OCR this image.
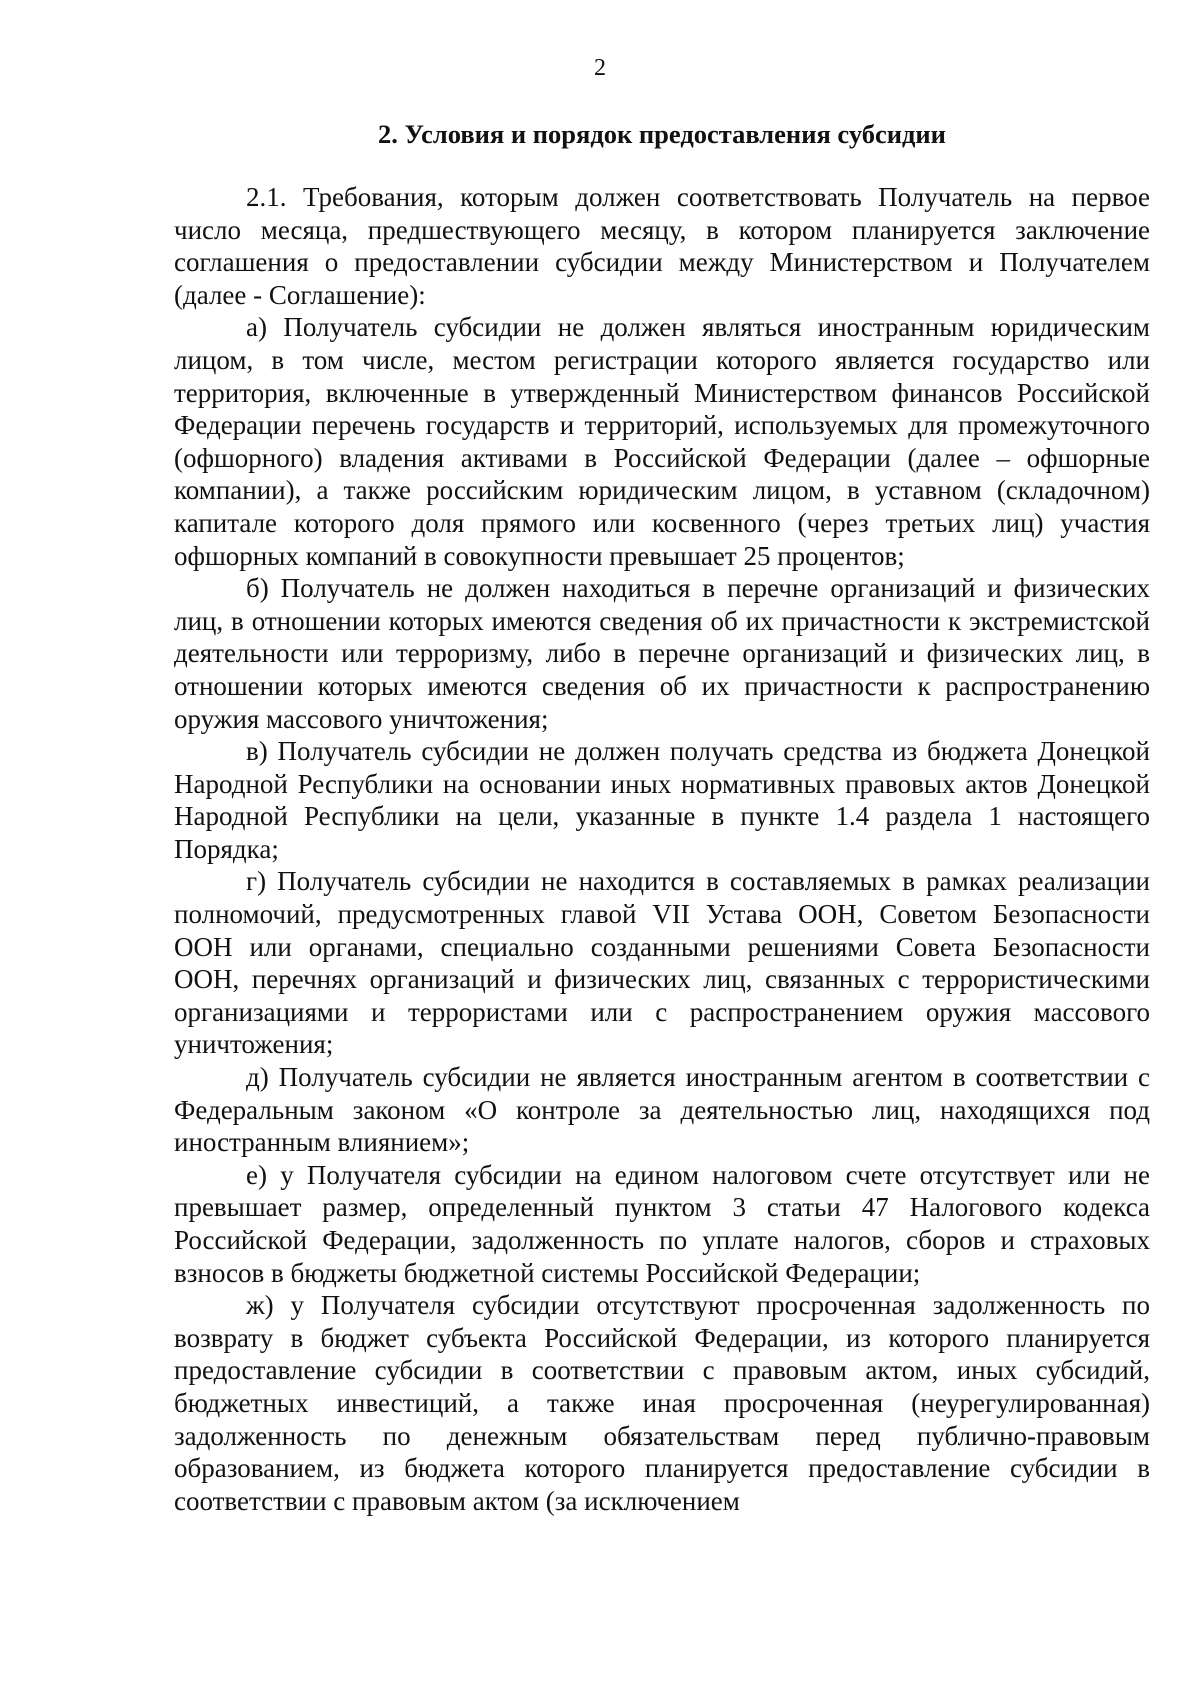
2
2. Условия и порядок предоставления субсидии

2.1. Требования, которым должен соответствовать Получатель на первое число месяца, предшествующего месяцу, в котором планируется заключение соглашения о предоставлении субсидии между Министерством и Получателем (далее - Соглашение):

а) Получатель субсидии не должен являться иностранным юридическим лицом, в том числе, местом регистрации которого является государство или территория, включенные в утвержденный Министерством финансов Российской Федерации перечень государств и территорий, используемых для промежуточного (офшорного) владения активами в Российской Федерации (далее – офшорные компании), а также российским юридическим лицом, в уставном (складочном) капитале которого доля прямого или косвенного (через третьих лиц) участия офшорных компаний в совокупности превышает 25 процентов;

б) Получатель не должен находиться в перечне организаций и физических лиц, в отношении которых имеются сведения об их причастности к экстремистской деятельности или терроризму, либо в перечне организаций и физических лиц, в отношении которых имеются сведения об их причастности к распространению оружия массового уничтожения;

в) Получатель субсидии не должен получать средства из бюджета Донецкой Народной Республики на основании иных нормативных правовых актов Донецкой Народной Республики на цели, указанные в пункте 1.4 раздела 1 настоящего Порядка;

г) Получатель субсидии не находится в составляемых в рамках реализации полномочий, предусмотренных главой VII Устава ООН, Советом Безопасности ООН или органами, специально созданными решениями Совета Безопасности ООН, перечнях организаций и физических лиц, связанных с террористическими организациями и террористами или с распространением оружия массового уничтожения;

д) Получатель субсидии не является иностранным агентом в соответствии с Федеральным законом «О контроле за деятельностью лиц, находящихся под иностранным влиянием»;

е) у Получателя субсидии на едином налоговом счете отсутствует или не превышает размер, определенный пунктом 3 статьи 47 Налогового кодекса Российской Федерации, задолженность по уплате налогов, сборов и страховых взносов в бюджеты бюджетной системы Российской Федерации;

ж) у Получателя субсидии отсутствуют просроченная задолженность по возврату в бюджет субъекта Российской Федерации, из которого планируется предоставление субсидии в соответствии с правовым актом, иных субсидий, бюджетных инвестиций, а также иная просроченная (неурегулированная) задолженность по денежным обязательствам перед публично-правовым образованием, из бюджета которого планируется предоставление субсидии в соответствии с правовым актом (за исключением
